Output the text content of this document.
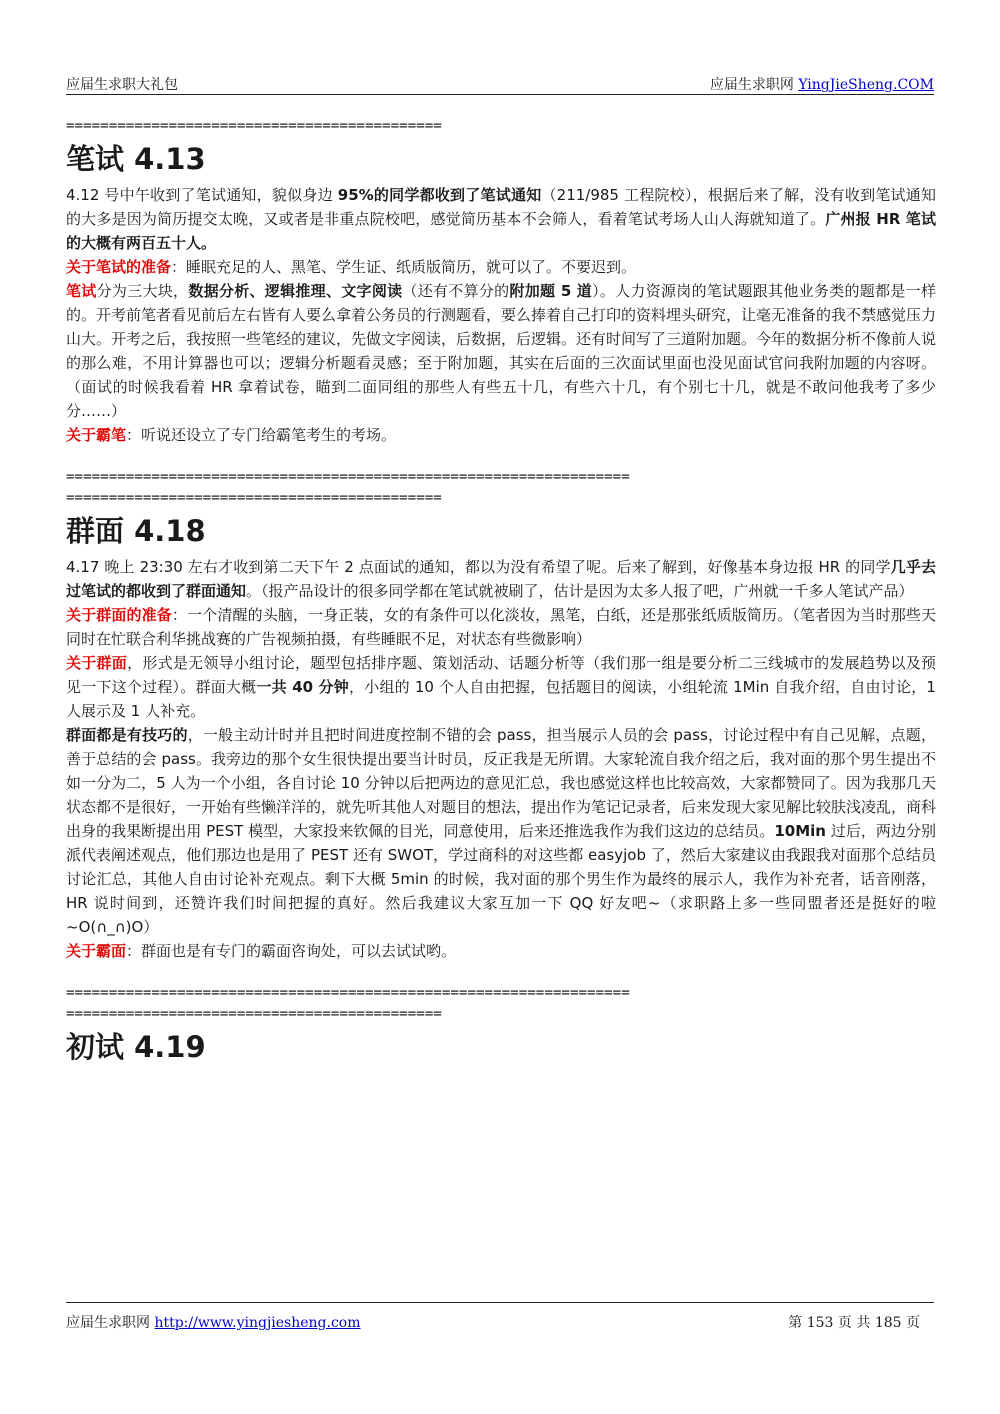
应届生求职大礼包	应届生求职网 YingJieSheng.COM
============================================
笔试 4.13

4.12 号中午收到了笔试通知，貌似身边 95%的同学都收到了笔试通知（211/985 工程院校），根据后来了解，没有收到笔试通知的大多是因为简历提交太晚，又或者是非重点院校吧，感觉简历基本不会筛人，看着笔试考场人山人海就知道了。广州报 HR 笔试的大概有两百五十人。

关于笔试的准备：睡眠充足的人、黑笔、学生证、纸质版简历，就可以了。不要迟到。

笔试分为三大块，数据分析、逻辑推理、文字阅读（还有不算分的附加题 5 道）。人力资源岗的笔试题跟其他业务类的题都是一样的。开考前笔者看见前后左右皆有人要么拿着公务员的行测题看，要么捧着自己打印的资料埋头研究，让毫无准备的我不禁感觉压力山大。开考之后，我按照一些笔经的建议，先做文字阅读，后数据，后逻辑。还有时间写了三道附加题。今年的数据分析不像前人说的那么难，不用计算器也可以；逻辑分析题看灵感；至于附加题，其实在后面的三次面试里面也没见面试官问我附加题的内容呀。（面试的时候我看着 HR 拿着试卷，瞄到二面同组的那些人有些五十几，有些六十几，有个别七十几，就是不敢问他我考了多少分……）

关于霸笔：听说还设立了专门给霸笔考生的考场。

==================================================================
============================================
群面 4.18

4.17 晚上 23:30 左右才收到第二天下午 2 点面试的通知，都以为没有希望了呢。后来了解到，好像基本身边报 HR 的同学几乎去过笔试的都收到了群面通知。（报产品设计的很多同学都在笔试就被刷了，估计是因为太多人报了吧，广州就一千多人笔试产品）

关于群面的准备：一个清醒的头脑，一身正装，女的有条件可以化淡妆，黑笔，白纸，还是那张纸质版简历。（笔者因为当时那些天同时在忙联合利华挑战赛的广告视频拍摄，有些睡眠不足，对状态有些微影响）

关于群面，形式是无领导小组讨论，题型包括排序题、策划活动、话题分析等（我们那一组是要分析二三线城市的发展趋势以及预见一下这个过程）。群面大概一共 40 分钟，小组的 10 个人自由把握，包括题目的阅读，小组轮流 1Min 自我介绍，自由讨论，1 人展示及 1 人补充。

群面都是有技巧的，一般主动计时并且把时间进度控制不错的会 pass，担当展示人员的会 pass，讨论过程中有自己见解，点题，善于总结的会 pass。我旁边的那个女生很快提出要当计时员，反正我是无所谓。大家轮流自我介绍之后，我对面的那个男生提出不如一分为二，5 人为一个小组，各自讨论 10 分钟以后把两边的意见汇总，我也感觉这样也比较高效，大家都赞同了。因为我那几天状态都不是很好，一开始有些懒洋洋的，就先听其他人对题目的想法，提出作为笔记记录者，后来发现大家见解比较肤浅凌乱，商科出身的我果断提出用 PEST 模型，大家投来钦佩的目光，同意使用，后来还推选我作为我们这边的总结员。10Min 过后，两边分别派代表阐述观点，他们那边也是用了 PEST 还有 SWOT，学过商科的对这些都 easyjob 了，然后大家建议由我跟我对面那个总结员讨论汇总，其他人自由讨论补充观点。剩下大概 5min 的时候，我对面的那个男生作为最终的展示人，我作为补充者，话音刚落，HR 说时间到，还赞许我们时间把握的真好。然后我建议大家互加一下 QQ 好友吧~（求职路上多一些同盟者还是挺好的啦~O(∩_∩)O）

关于霸面：群面也是有专门的霸面咨询处，可以去试试哟。

==================================================================
============================================
初试 4.19
应届生求职网 http://www.yingjiesheng.com	第 153 页 共 185 页
